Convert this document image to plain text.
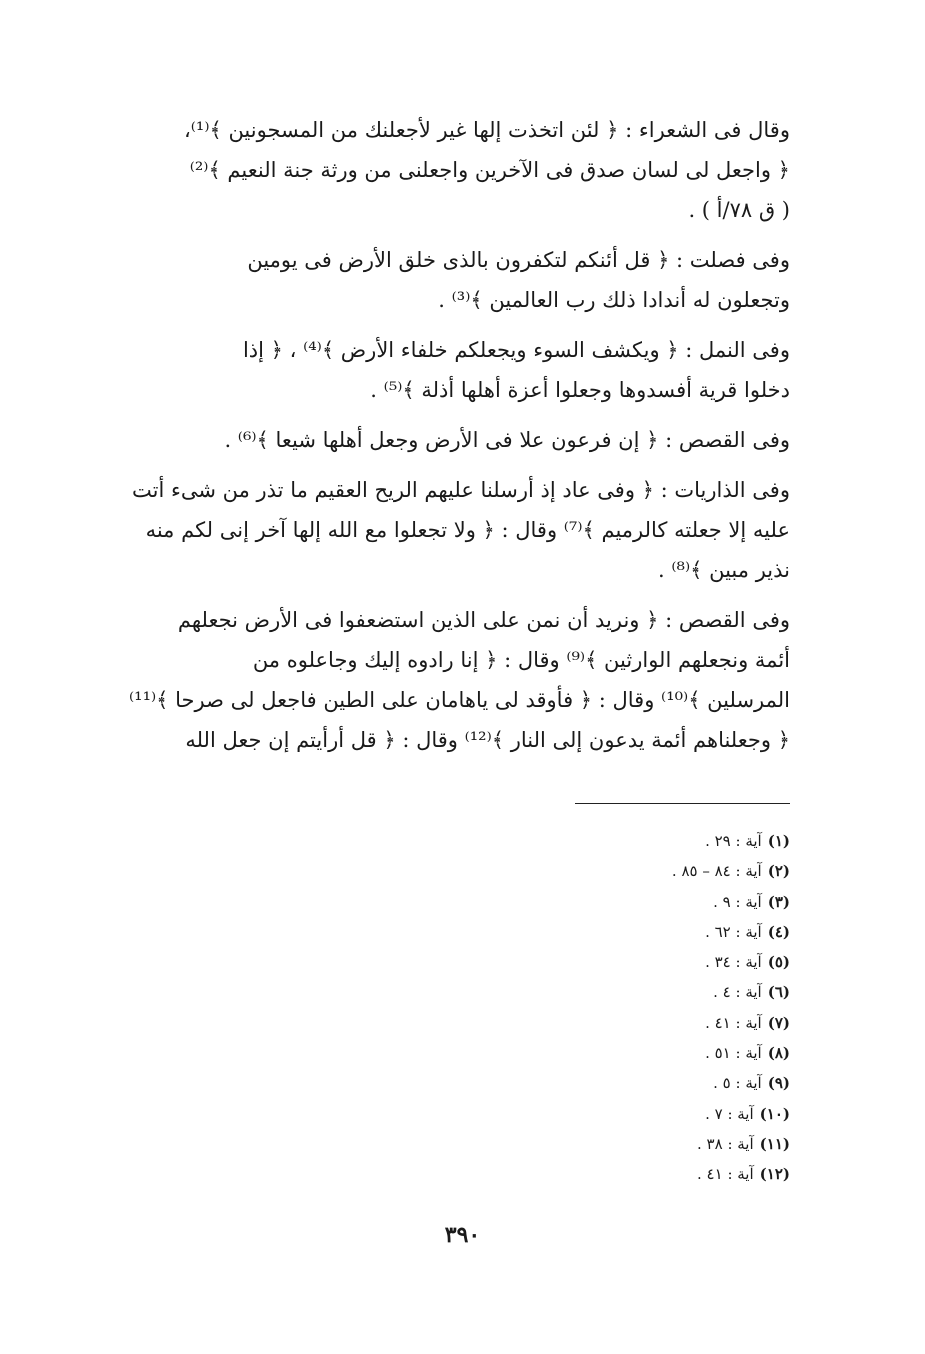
وقال فى الشعراء : ﴿ لئن اتخذت إلها غير لأجعلنك من المسجونين ﴾⁽¹⁾،
﴿ واجعل لى لسان صدق فى الآخرين واجعلنى من ورثة جنة النعيم ﴾⁽²⁾
( ق ٧٨/أ ) .
وفى فصلت : ﴿ قل أئنكم لتكفرون بالذى خلق الأرض فى يومين
وتجعلون له أندادا ذلك رب العالمين ﴾⁽³⁾ .
وفى النمل : ﴿ ويكشف السوء ويجعلكم خلفاء الأرض ﴾⁽⁴⁾ ، ﴿ إذا
دخلوا قرية أفسدوها وجعلوا أعزة أهلها أذلة ﴾⁽⁵⁾ .
وفى القصص : ﴿ إن فرعون علا فى الأرض وجعل أهلها شيعا ﴾⁽⁶⁾ .
وفى الذاريات : ﴿ وفى عاد إذ أرسلنا عليهم الريح العقيم ما تذر من شىء أتت
عليه إلا جعلته كالرميم ﴾⁽⁷⁾ وقال : ﴿ ولا تجعلوا مع الله إلها آخر إنى لكم منه
نذير مبين ﴾⁽⁸⁾ .
وفى القصص : ﴿ ونريد أن نمن على الذين استضعفوا فى الأرض نجعلهم
أئمة ونجعلهم الوارثين ﴾⁽⁹⁾ وقال : ﴿ إنا رادوه إليك وجاعلوه من
المرسلين ﴾⁽¹⁰⁾ وقال : ﴿ فأوقد لى ياهامان على الطين فاجعل لى صرحا ﴾⁽¹¹⁾
﴿ وجعلناهم أئمة يدعون إلى النار ﴾⁽¹²⁾ وقال : ﴿ قل أرأيتم إن جعل الله
(١)آية : ٢٩ .
(٢)آية : ٨٤ – ٨٥ .
(٣)آية : ٩ .
(٤)آية : ٦٢ .
(٥)آية : ٣٤ .
(٦)آية : ٤ .
(٧)آية : ٤١ .
(٨)آية : ٥١ .
(٩)آية : ٥ .
(١٠)آية : ٧ .
(١١)آية : ٣٨ .
(١٢)آية : ٤١ .
٣٩٠
